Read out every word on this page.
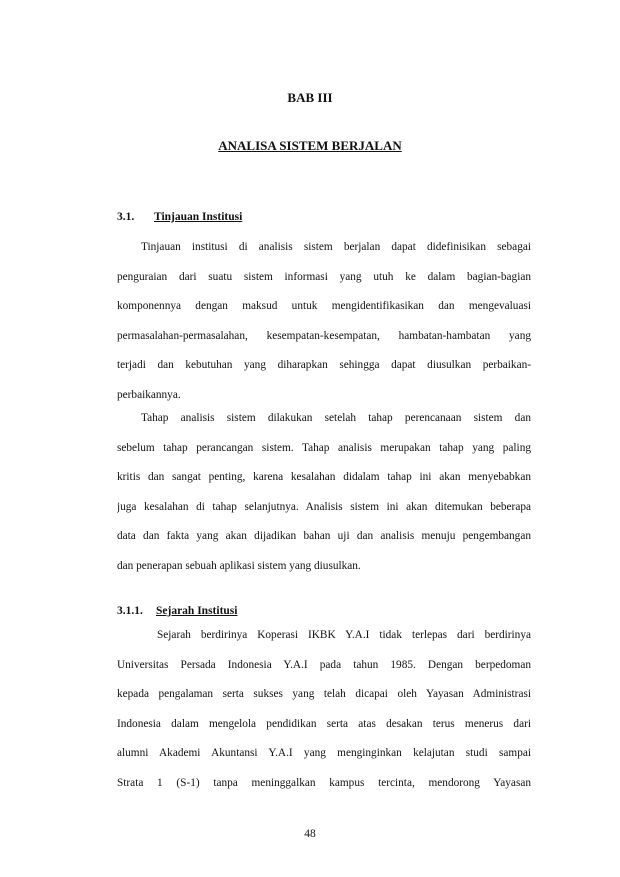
BAB III
ANALISA SISTEM BERJALAN
3.1. Tinjauan Institusi
Tinjauan institusi di analisis sistem berjalan dapat didefinisikan sebagai
penguraian dari suatu sistem informasi yang utuh ke dalam bagian-bagian
komponennya dengan maksud untuk mengidentifikasikan dan mengevaluasi
permasalahan-permasalahan, kesempatan-kesempatan, hambatan-hambatan yang
terjadi dan kebutuhan yang diharapkan sehingga dapat diusulkan perbaikan-
perbaikannya.
Tahap analisis sistem dilakukan setelah tahap perencanaan sistem dan
sebelum tahap perancangan sistem. Tahap analisis merupakan tahap yang paling
kritis dan sangat penting, karena kesalahan didalam tahap ini akan menyebabkan
juga kesalahan di tahap selanjutnya. Analisis sistem ini akan ditemukan beberapa
data dan fakta yang akan dijadikan bahan uji dan analisis menuju pengembangan
dan penerapan sebuah aplikasi sistem yang diusulkan.
3.1.1. Sejarah Institusi
Sejarah berdirinya Koperasi IKBK Y.A.I tidak terlepas dari berdirinya
Universitas Persada Indonesia Y.A.I pada tahun 1985. Dengan berpedoman
kepada pengalaman serta sukses yang telah dicapai oleh Yayasan Administrasi
Indonesia dalam mengelola pendidikan serta atas desakan terus menerus dari
alumni Akademi Akuntansi Y.A.I yang menginginkan kelajutan studi sampai
Strata 1 (S-1) tanpa meninggalkan kampus tercinta, mendorong Yayasan
48
